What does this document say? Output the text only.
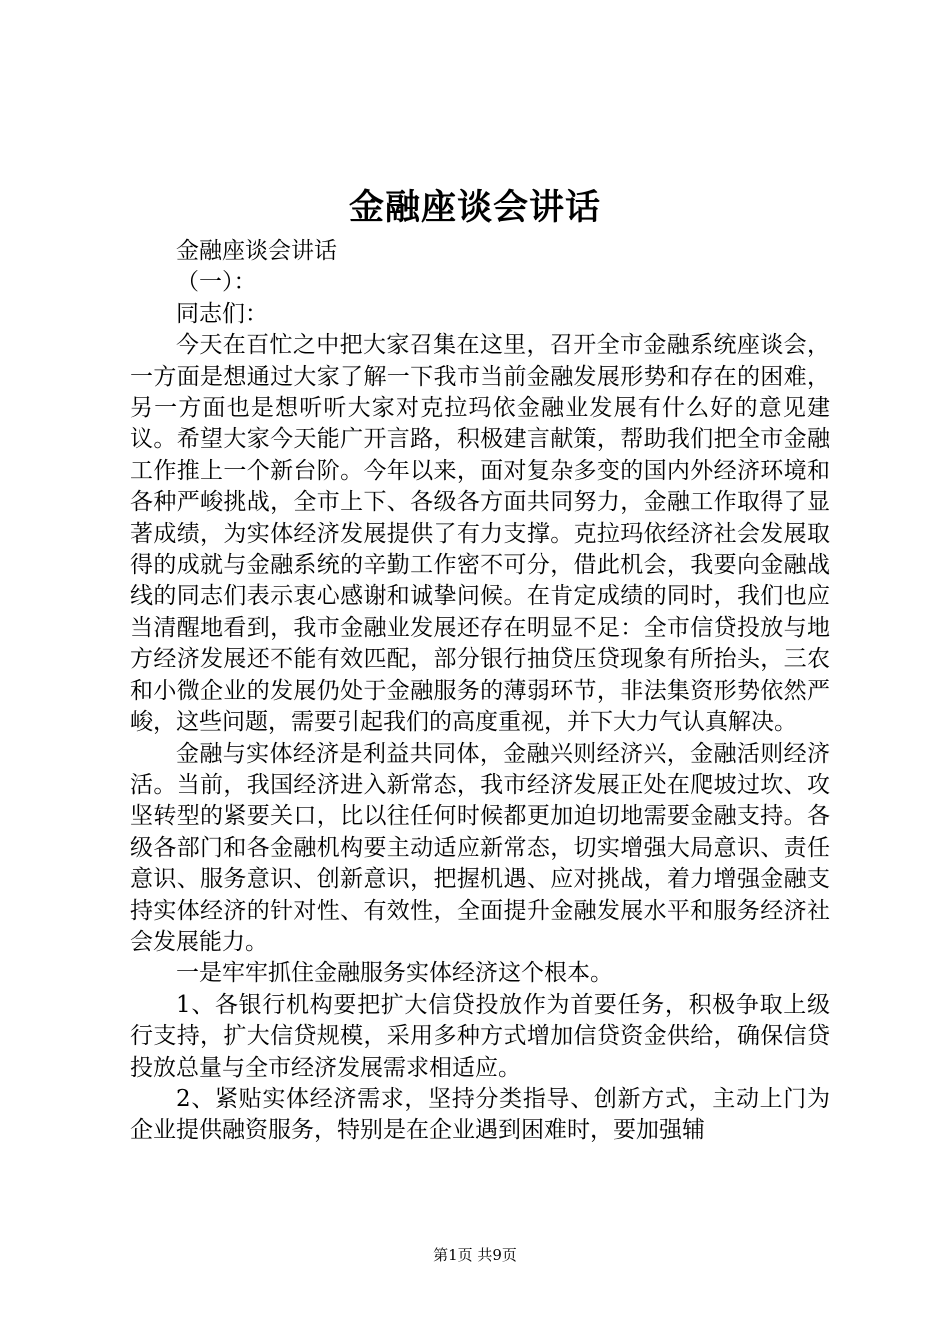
金融座谈会讲话

金融座谈会讲话

（一）：

同志们：

今天在百忙之中把大家召集在这里，召开全市金融系统座谈会，一方面是想通过大家了解一下我市当前金融发展形势和存在的困难，另一方面也是想听听大家对克拉玛依金融业发展有什么好的意见建议。希望大家今天能广开言路，积极建言献策，帮助我们把全市金融工作推上一个新台阶。今年以来，面对复杂多变的国内外经济环境和各种严峻挑战，全市上下、各级各方面共同努力，金融工作取得了显著成绩，为实体经济发展提供了有力支撑。克拉玛依经济社会发展取得的成就与金融系统的辛勤工作密不可分，借此机会，我要向金融战线的同志们表示衷心感谢和诚挚问候。在肯定成绩的同时，我们也应当清醒地看到，我市金融业发展还存在明显不足：全市信贷投放与地方经济发展还不能有效匹配，部分银行抽贷压贷现象有所抬头，三农和小微企业的发展仍处于金融服务的薄弱环节，非法集资形势依然严峻，这些问题，需要引起我们的高度重视，并下大力气认真解决。

金融与实体经济是利益共同体，金融兴则经济兴，金融活则经济活。当前，我国经济进入新常态，我市经济发展正处在爬坡过坎、攻坚转型的紧要关口，比以往任何时候都更加迫切地需要金融支持。各级各部门和各金融机构要主动适应新常态，切实增强大局意识、责任意识、服务意识、创新意识，把握机遇、应对挑战，着力增强金融支持实体经济的针对性、有效性，全面提升金融发展水平和服务经济社会发展能力。

一是牢牢抓住金融服务实体经济这个根本。

1、各银行机构要把扩大信贷投放作为首要任务，积极争取上级行支持，扩大信贷规模，采用多种方式增加信贷资金供给，确保信贷投放总量与全市经济发展需求相适应。

2、紧贴实体经济需求，坚持分类指导、创新方式，主动上门为企业提供融资服务，特别是在企业遇到困难时，要加强辅

第1页 共9页
